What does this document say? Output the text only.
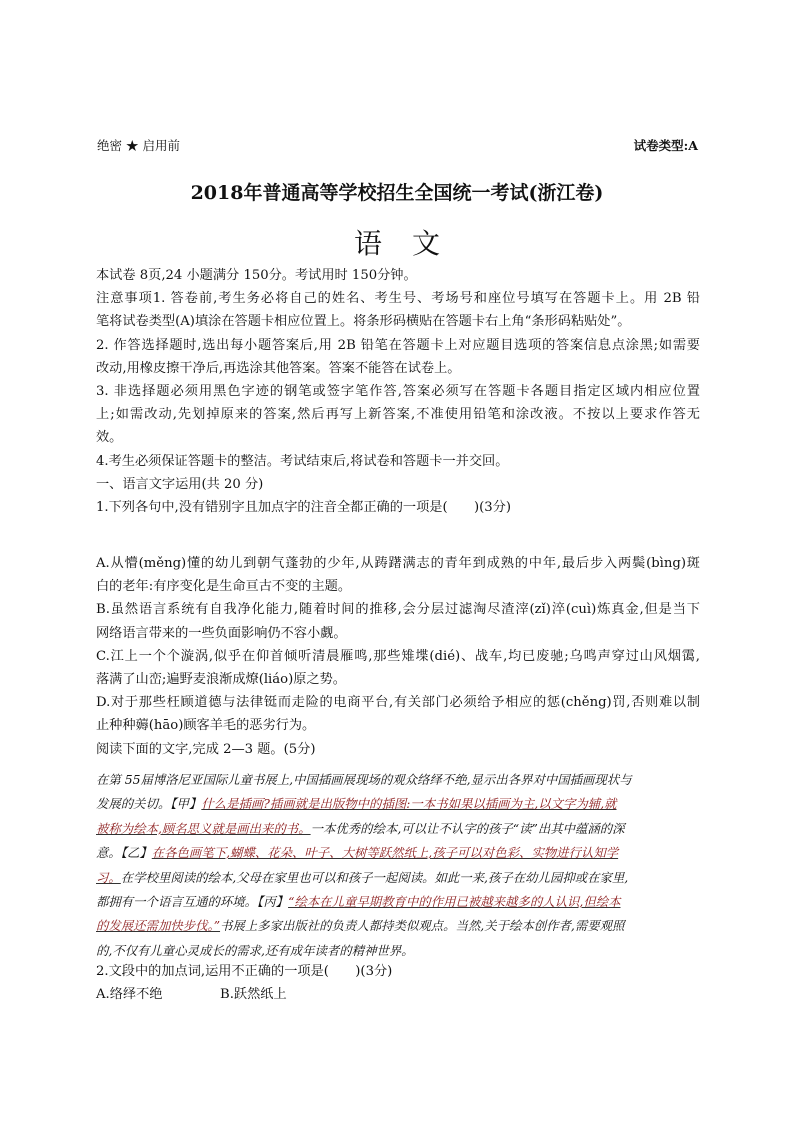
绝密 ★ 启用前	试卷类型:A
2018年普通高等学校招生全国统一考试(浙江卷)
语文
本试卷 8页,24 小题满分 150分。考试用时 150分钟。
注意事项1. 答卷前,考生务必将自己的姓名、考生号、考场号和座位号填写在答题卡上。用 2B 铅
笔将试卷类型(A)填涂在答题卡相应位置上。将条形码横贴在答题卡右上角“条形码粘贴处”。
2. 作答选择题时,选出每小题答案后,用 2B 铅笔在答题卡上对应题目选项的答案信息点涂黑;如需要
改动,用橡皮擦干净后,再选涂其他答案。答案不能答在试卷上。
3. 非选择题必须用黑色字迹的钢笔或签字笔作答,答案必须写在答题卡各题目指定区域内相应位置
上;如需改动,先划掉原来的答案,然后再写上新答案,不准使用铅笔和涂改液。不按以上要求作答无
效。
4.考生必须保证答题卡的整洁。考试结束后,将试卷和答题卡一并交回。
一、语言文字运用(共 20 分)
1.下列各句中,没有错别字且加点字的注音全都正确的一项是(　　)(3分)
A.从懵(měng)懂的幼儿到朝气蓬勃的少年,从踌躇满志的青年到成熟的中年,最后步入两鬓(bìng)斑
白的老年:有序变化是生命亘古不变的主题。
B.虽然语言系统有自我净化能力,随着时间的推移,会分层过滤淘尽渣滓(zǐ)淬(cuì)炼真金,但是当下
网络语言带来的一些负面影响仍不容小觑。
C.江上一个个漩涡,似乎在仰首倾听清晨雁鸣,那些雉堞(dié)、战车,均已废驰;乌鸣声穿过山风烟霭,
落满了山峦;遍野麦浪渐成燎(liáo)原之势。
D.对于那些枉顾道德与法律铤而走险的电商平台,有关部门必须给予相应的惩(chěng)罚,否则难以制
止种种薅(hāo)顾客羊毛的恶劣行为。
阅读下面的文字,完成 2—3 题。(5分)
在第 55届博洛尼亚国际儿童书展上,中国插画展现场的观众络绎不绝,显示出各界对中国插画现状与
发展的关切。【甲】什么是插画?插画就是出版物中的插图:一本书如果以插画为主,以文字为辅,就
被称为绘本,顾名思义就是画出来的书。一本优秀的绘本,可以让不认字的孩子“读”出其中蕴涵的深
意。【乙】在各色画笔下,蝴蝶、花朵、叶子、大树等跃然纸上,孩子可以对色彩、实物进行认知学
习。在学校里阅读的绘本,父母在家里也可以和孩子一起阅读。如此一来,孩子在幼儿园抑或在家里,
都拥有一个语言互通的环境。【丙】“绘本在儿童早期教育中的作用已被越来越多的人认识,但绘本
的发展还需加快步伐。”书展上多家出版社的负责人都持类似观点。当然,关于绘本创作者,需要观照
的,不仅有儿童心灵成长的需求,还有成年读者的精神世界。
2.文段中的加点词,运用不正确的一项是(　　)(3分)
A.络绎不绝	B.跃然纸上
